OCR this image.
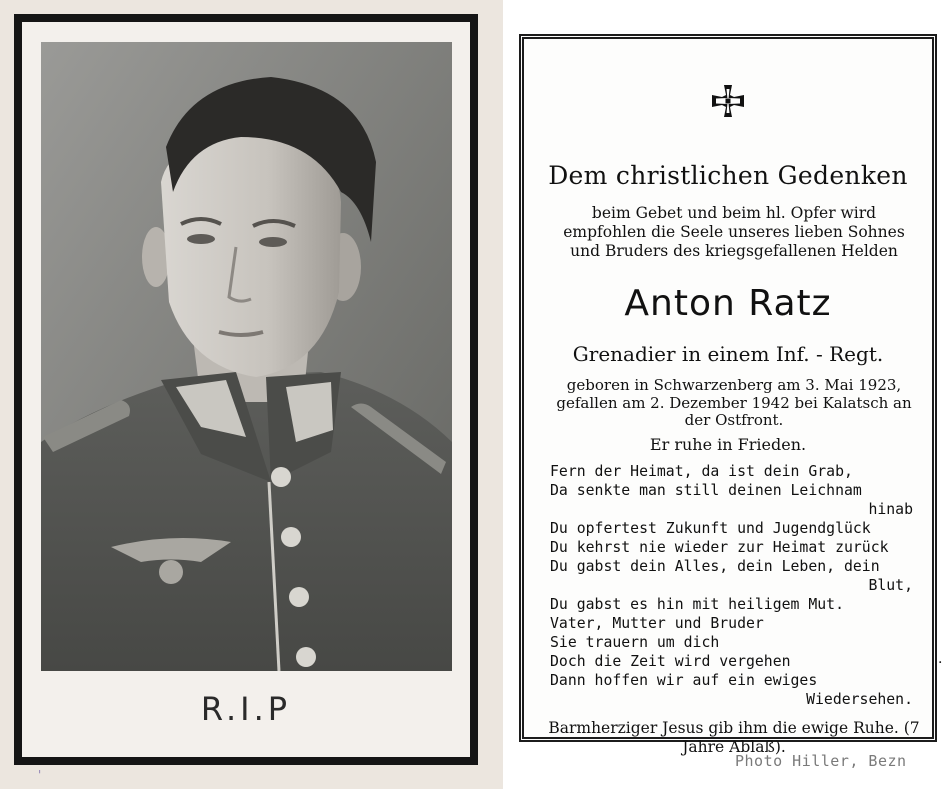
R.I.P
'
Dem christlichen Gedenken
beim Gebet und beim hl. Opfer wird empfohlen die Seele unseres lieben Sohnes und Bruders des kriegsgefallenen Helden
Anton Ratz
Grenadier in einem Inf. - Regt.
geboren in Schwarzenberg am 3. Mai 1923, gefallen am 2. Dezember 1942 bei Kalatsch an der Ostfront.
Er ruhe in Frieden.
Fern der Heimat, da ist dein Grab,
Da senkte man still deinen Leichnam
hinab
Du opfertest Zukunft und Jugendglück
Du kehrst nie wieder zur Heimat zurück
Du gabst dein Alles, dein Leben, dein
Blut,
Du gabst es hin mit heiligem Mut.
Vater, Mutter und Bruder
Sie trauern um dich
Doch die Zeit wird vergehen
Dann hoffen wir auf ein ewiges
Wiedersehen.
Barmherziger Jesus gib ihm die ewige Ruhe. (7 Jahre Ablaß).
Photo Hiller, Bezn
·
